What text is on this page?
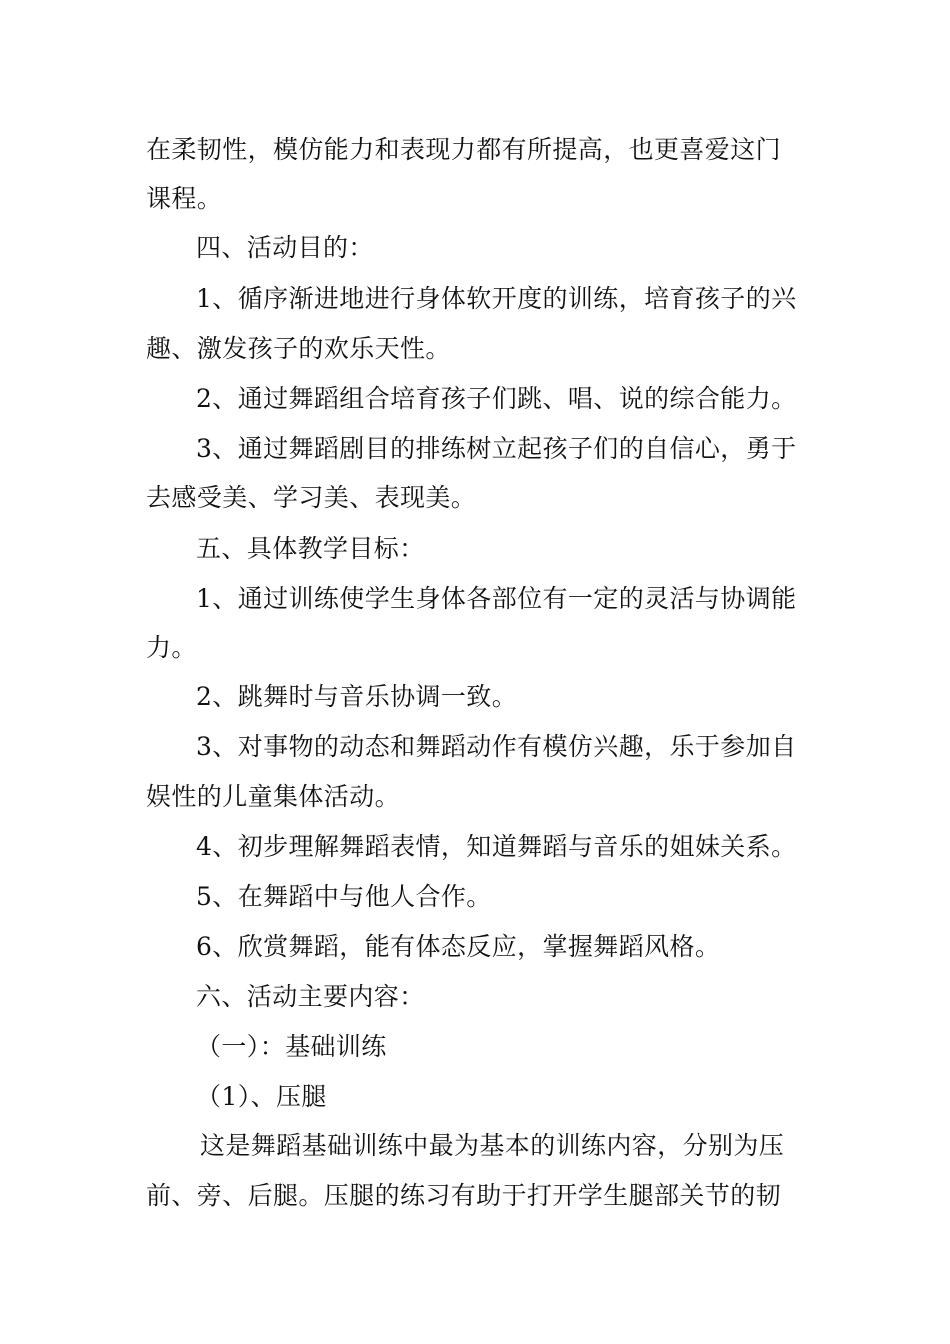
在柔韧性，模仿能力和表现力都有所提高，也更喜爱这门
课程。
四、活动目的：
1、循序渐进地进行身体软开度的训练，培育孩子的兴
趣、激发孩子的欢乐天性。
2、通过舞蹈组合培育孩子们跳、唱、说的综合能力。
3、通过舞蹈剧目的排练树立起孩子们的自信心，勇于
去感受美、学习美、表现美。
五、具体教学目标：
1、通过训练使学生身体各部位有一定的灵活与协调能
力。
2、跳舞时与音乐协调一致。
3、对事物的动态和舞蹈动作有模仿兴趣，乐于参加自
娱性的儿童集体活动。
4、初步理解舞蹈表情，知道舞蹈与音乐的姐妹关系。
5、在舞蹈中与他人合作。
6、欣赏舞蹈，能有体态反应，掌握舞蹈风格。
六、活动主要内容：
（一）：基础训练
（1）、压腿
这是舞蹈基础训练中最为基本的训练内容，分别为压
前、旁、后腿。压腿的练习有助于打开学生腿部关节的韧
